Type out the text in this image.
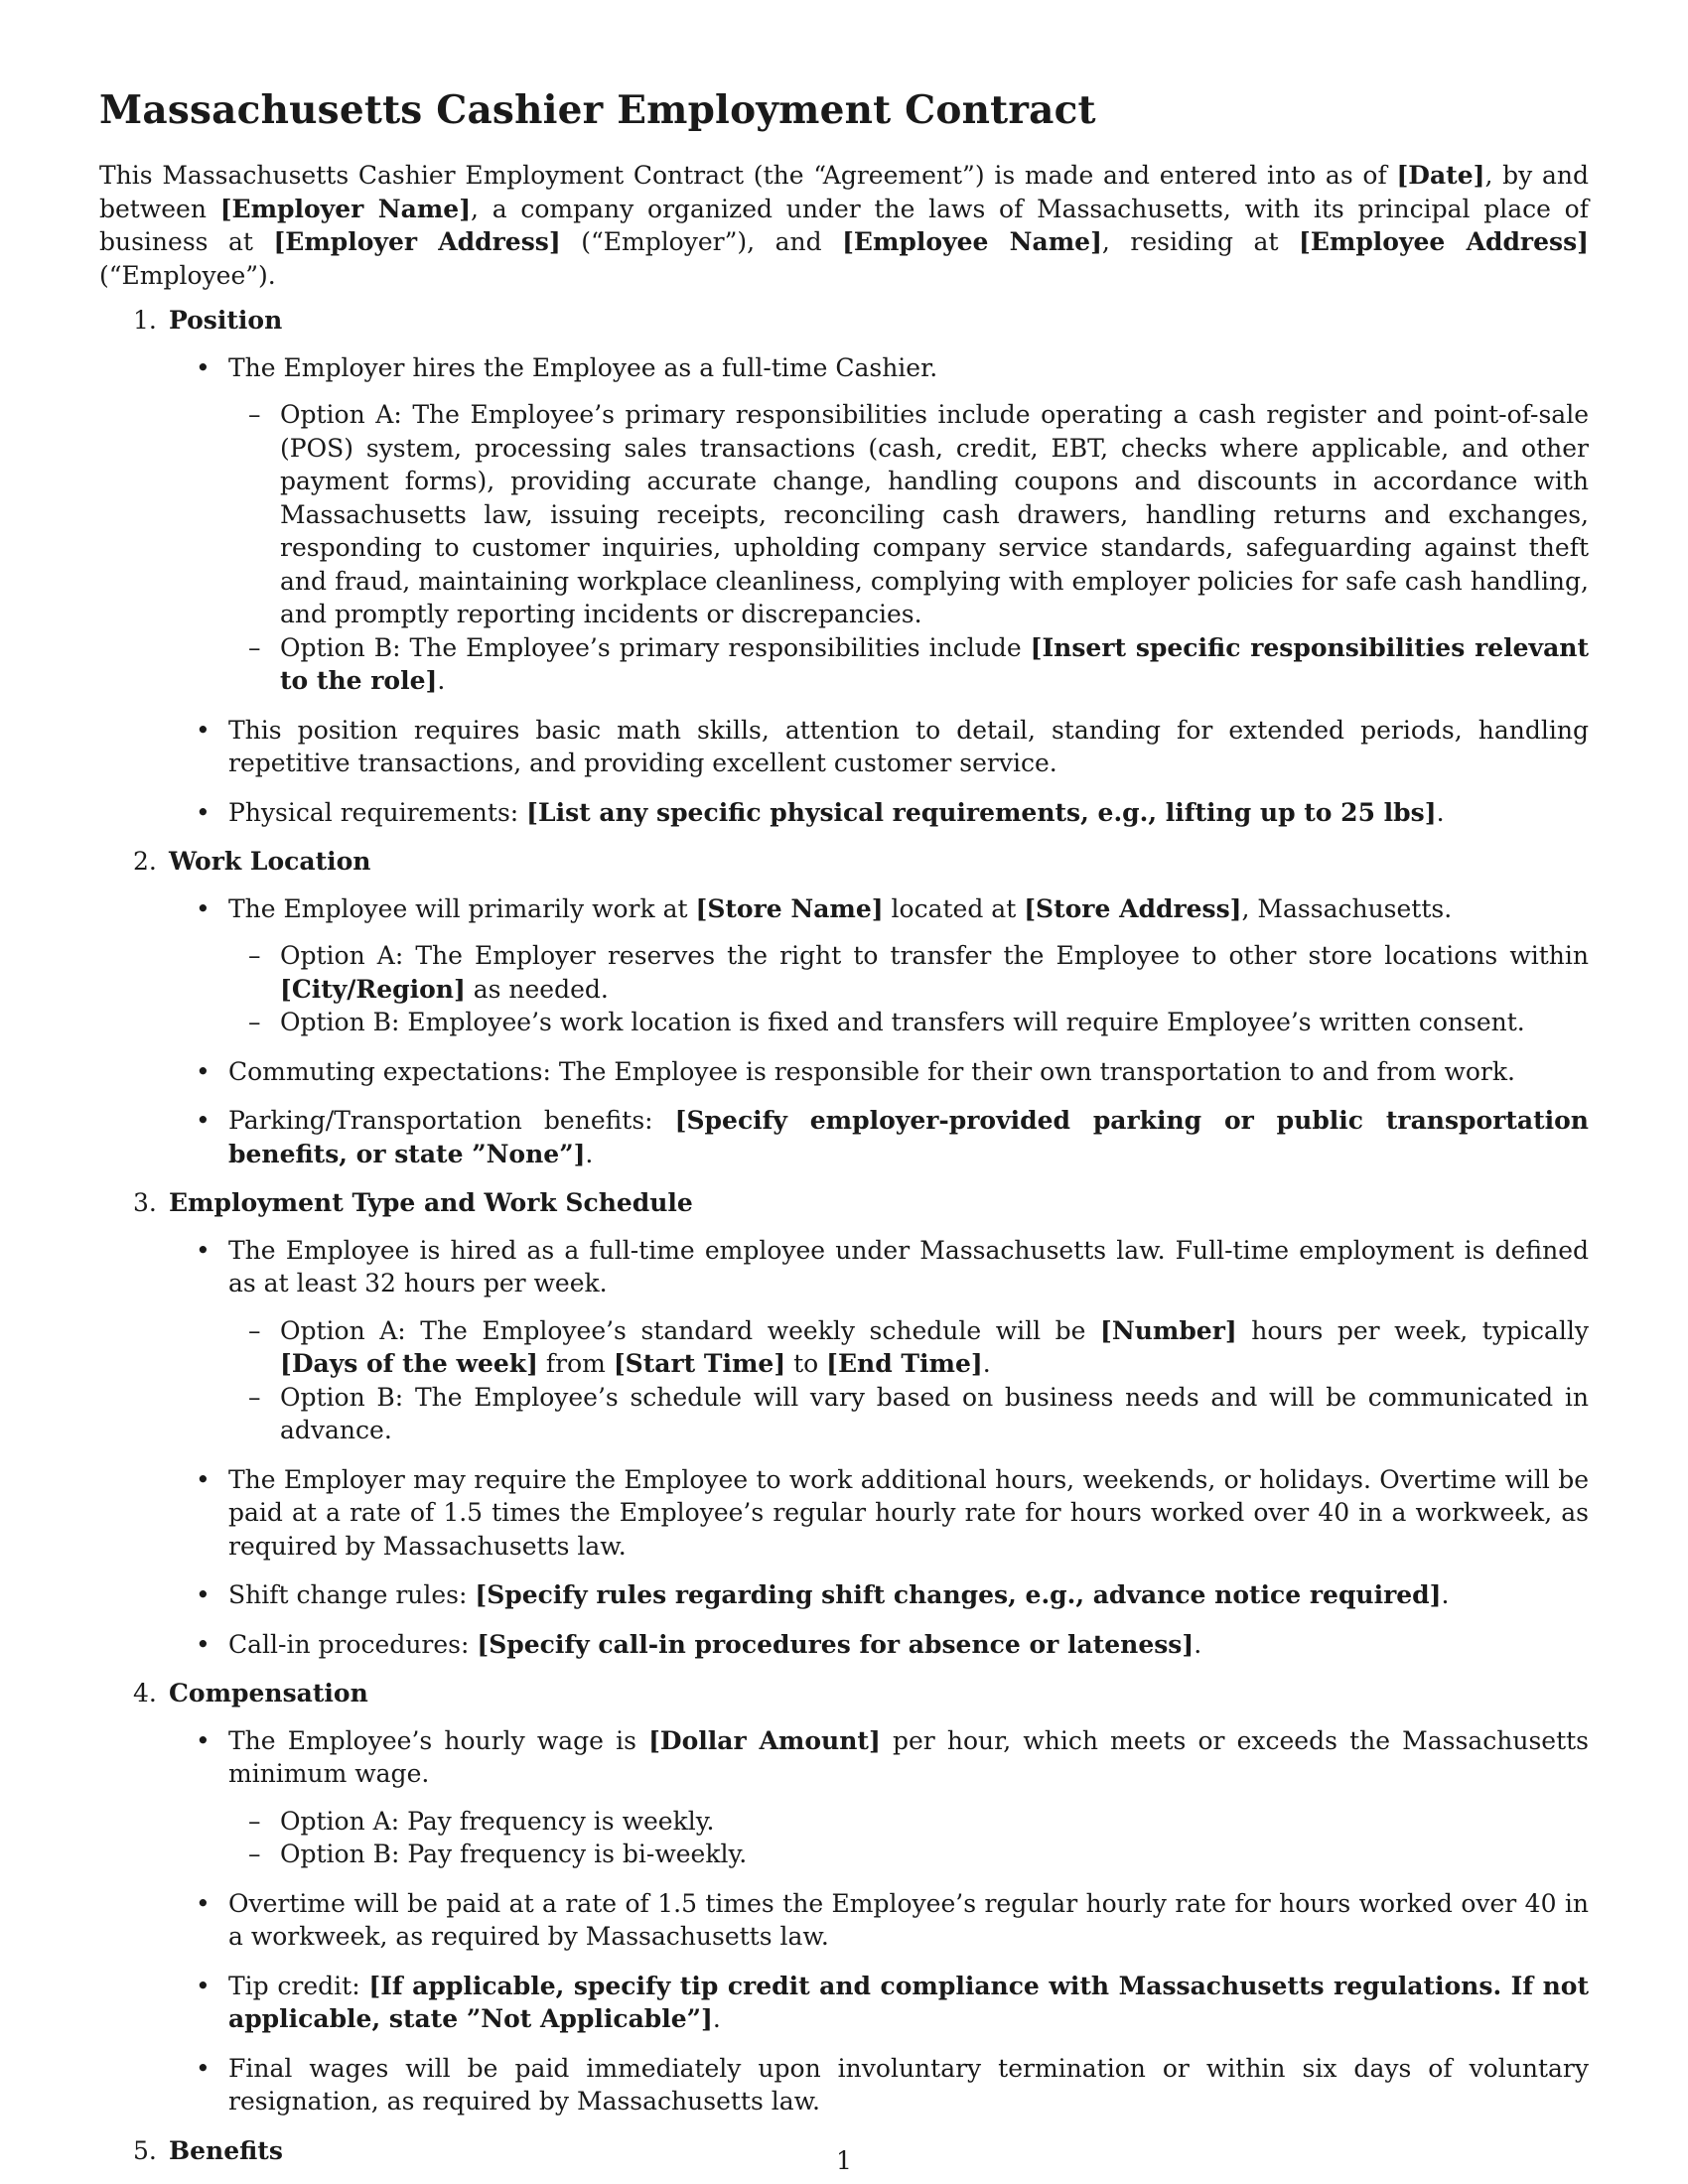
Massachusetts Cashier Employment Contract

This Massachusetts Cashier Employment Contract (the “Agreement”) is made and entered into as of [Date], by and between [Employer Name], a company organized under the laws of Massachusetts, with its principal place of business at [Employer Address] (“Employer”), and [Employee Name], residing at [Employee Address] (“Employee”).

1. Position
• The Employer hires the Employee as a full-time Cashier.
– Option A: The Employee’s primary responsibilities include operating a cash register and point-of-sale (POS) system, processing sales transactions (cash, credit, EBT, checks where applicable, and other payment forms), providing accurate change, handling coupons and discounts in accordance with Massachusetts law, issuing receipts, reconciling cash drawers, handling returns and exchanges, responding to customer inquiries, upholding company service standards, safeguarding against theft and fraud, maintaining workplace cleanliness, complying with employer policies for safe cash handling, and promptly reporting incidents or discrepancies.
– Option B: The Employee’s primary responsibilities include [Insert specific responsibilities relevant to the role].
• This position requires basic math skills, attention to detail, standing for extended periods, handling repetitive transactions, and providing excellent customer service.
• Physical requirements: [List any specific physical requirements, e.g., lifting up to 25 lbs].
2. Work Location
• The Employee will primarily work at [Store Name] located at [Store Address], Massachusetts.
– Option A: The Employer reserves the right to transfer the Employee to other store locations within [City/Region] as needed.
– Option B: Employee’s work location is fixed and transfers will require Employee’s written consent.
• Commuting expectations: The Employee is responsible for their own transportation to and from work.
• Parking/Transportation benefits: [Specify employer-provided parking or public transportation benefits, or state ”None”].
3. Employment Type and Work Schedule
• The Employee is hired as a full-time employee under Massachusetts law. Full-time employment is defined as at least 32 hours per week.
– Option A: The Employee’s standard weekly schedule will be [Number] hours per week, typically [Days of the week] from [Start Time] to [End Time].
– Option B: The Employee’s schedule will vary based on business needs and will be communicated in advance.
• The Employer may require the Employee to work additional hours, weekends, or holidays. Overtime will be paid at a rate of 1.5 times the Employee’s regular hourly rate for hours worked over 40 in a workweek, as required by Massachusetts law.
• Shift change rules: [Specify rules regarding shift changes, e.g., advance notice required].
• Call-in procedures: [Specify call-in procedures for absence or lateness].
4. Compensation
• The Employee’s hourly wage is [Dollar Amount] per hour, which meets or exceeds the Massachusetts minimum wage.
– Option A: Pay frequency is weekly.
– Option B: Pay frequency is bi-weekly.
• Overtime will be paid at a rate of 1.5 times the Employee’s regular hourly rate for hours worked over 40 in a workweek, as required by Massachusetts law.
• Tip credit: [If applicable, specify tip credit and compliance with Massachusetts regulations. If not applicable, state ”Not Applicable”].
• Final wages will be paid immediately upon involuntary termination or within six days of voluntary resignation, as required by Massachusetts law.
5. Benefits	1
